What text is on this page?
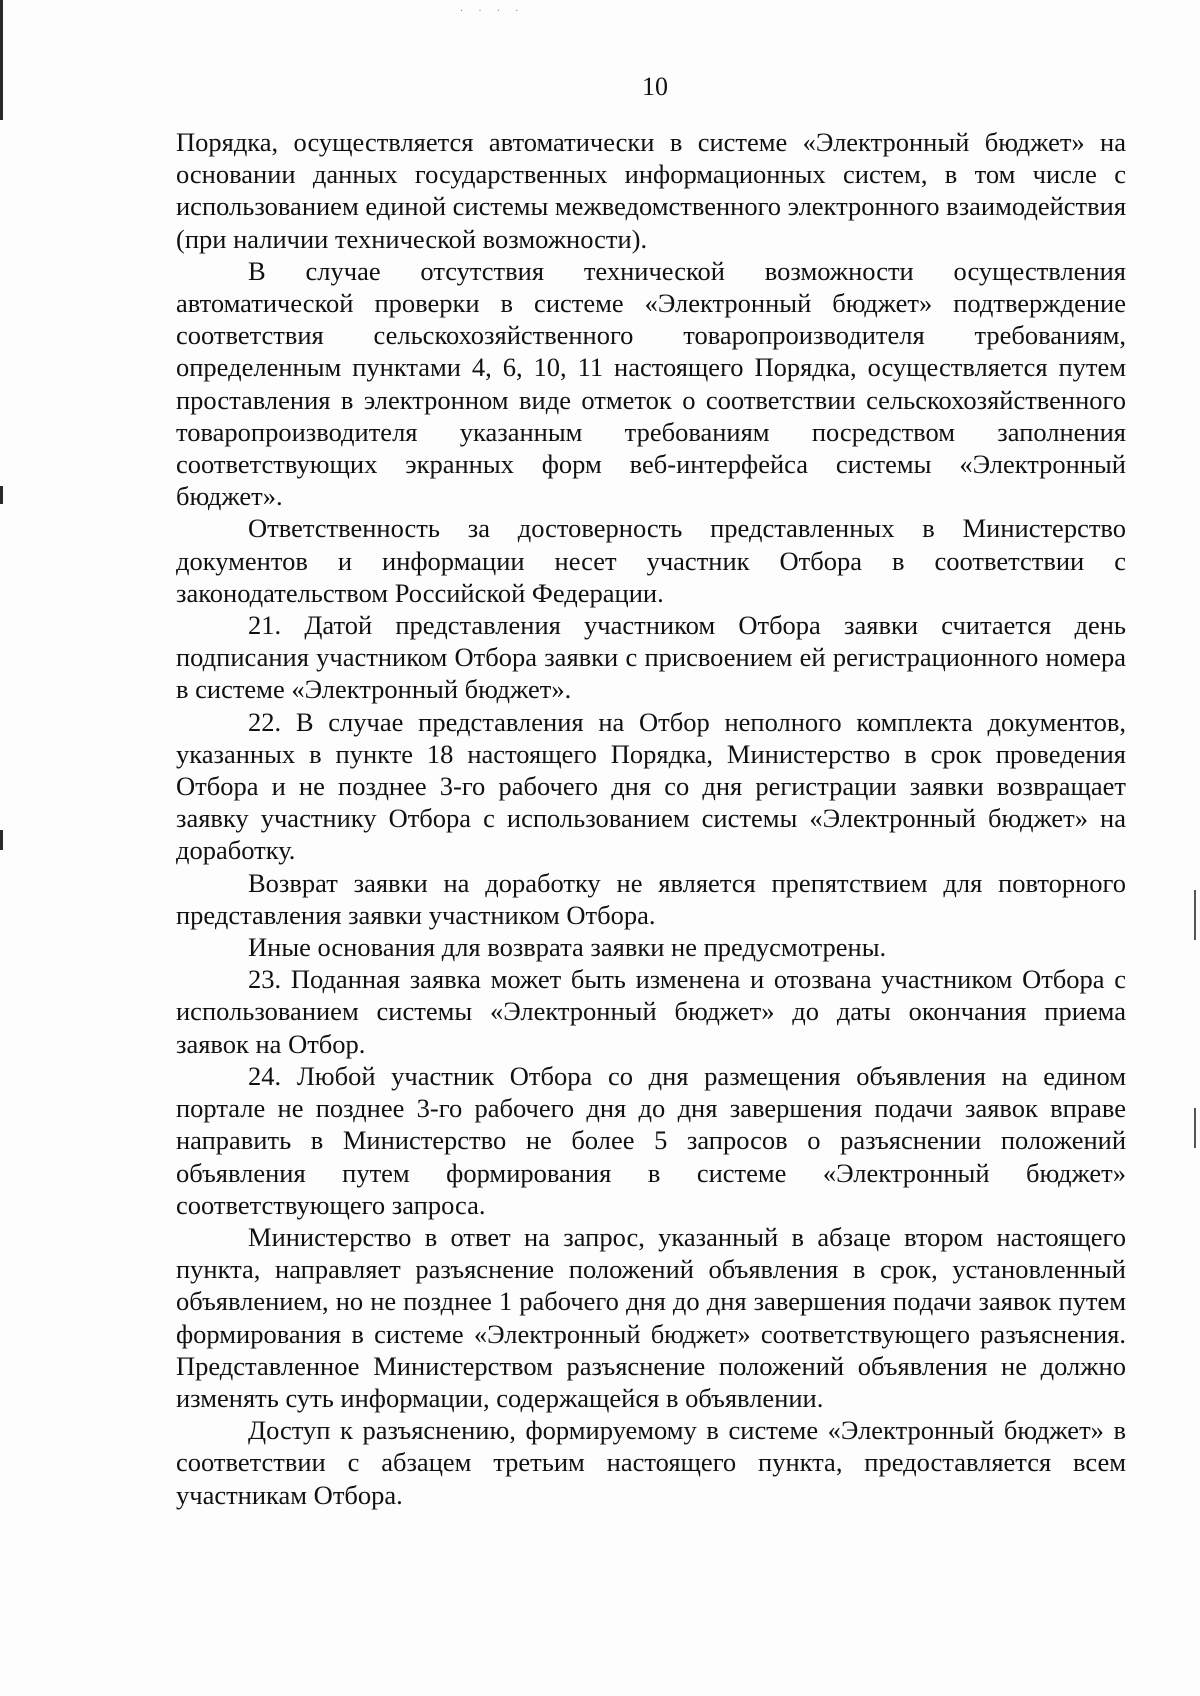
· · · ·
10

Порядка, осуществляется автоматически в системе «Электронный бюджет» на основании данных государственных информационных систем, в том числе с использованием единой системы межведомственного электронного взаимодействия (при наличии технической возможности).

В случае отсутствия технической возможности осуществления автоматической проверки в системе «Электронный бюджет» подтверждение соответствия сельскохозяйственного товаропроизводителя требованиям, определенным пунктами 4, 6, 10, 11 настоящего Порядка, осуществляется путем проставления в электронном виде отметок о соответствии сельскохозяйственного товаропроизводителя указанным требованиям посредством заполнения соответствующих экранных форм веб-интерфейса системы «Электронный бюджет».

Ответственность за достоверность представленных в Министерство документов и информации несет участник Отбора в соответствии с законодательством Российской Федерации.

21. Датой представления участником Отбора заявки считается день подписания участником Отбора заявки с присвоением ей регистрационного номера в системе «Электронный бюджет».

22. В случае представления на Отбор неполного комплекта документов, указанных в пункте 18 настоящего Порядка, Министерство в срок проведения Отбора и не позднее 3-го рабочего дня со дня регистрации заявки возвращает заявку участнику Отбора с использованием системы «Электронный бюджет» на доработку.

Возврат заявки на доработку не является препятствием для повторного представления заявки участником Отбора.

Иные основания для возврата заявки не предусмотрены.

23. Поданная заявка может быть изменена и отозвана участником Отбора с использованием системы «Электронный бюджет» до даты окончания приема заявок на Отбор.

24. Любой участник Отбора со дня размещения объявления на едином портале не позднее 3-го рабочего дня до дня завершения подачи заявок вправе направить в Министерство не более 5 запросов о разъяснении положений объявления путем формирования в системе «Электронный бюджет» соответствующего запроса.

Министерство в ответ на запрос, указанный в абзаце втором настоящего пункта, направляет разъяснение положений объявления в срок, установленный объявлением, но не позднее 1 рабочего дня до дня завершения подачи заявок путем формирования в системе «Электронный бюджет» соответствующего разъяснения. Представленное Министерством разъяснение положений объявления не должно изменять суть информации, содержащейся в объявлении.

Доступ к разъяснению, формируемому в системе «Электронный бюджет» в соответствии с абзацем третьим настоящего пункта, предоставляется всем участникам Отбора.
